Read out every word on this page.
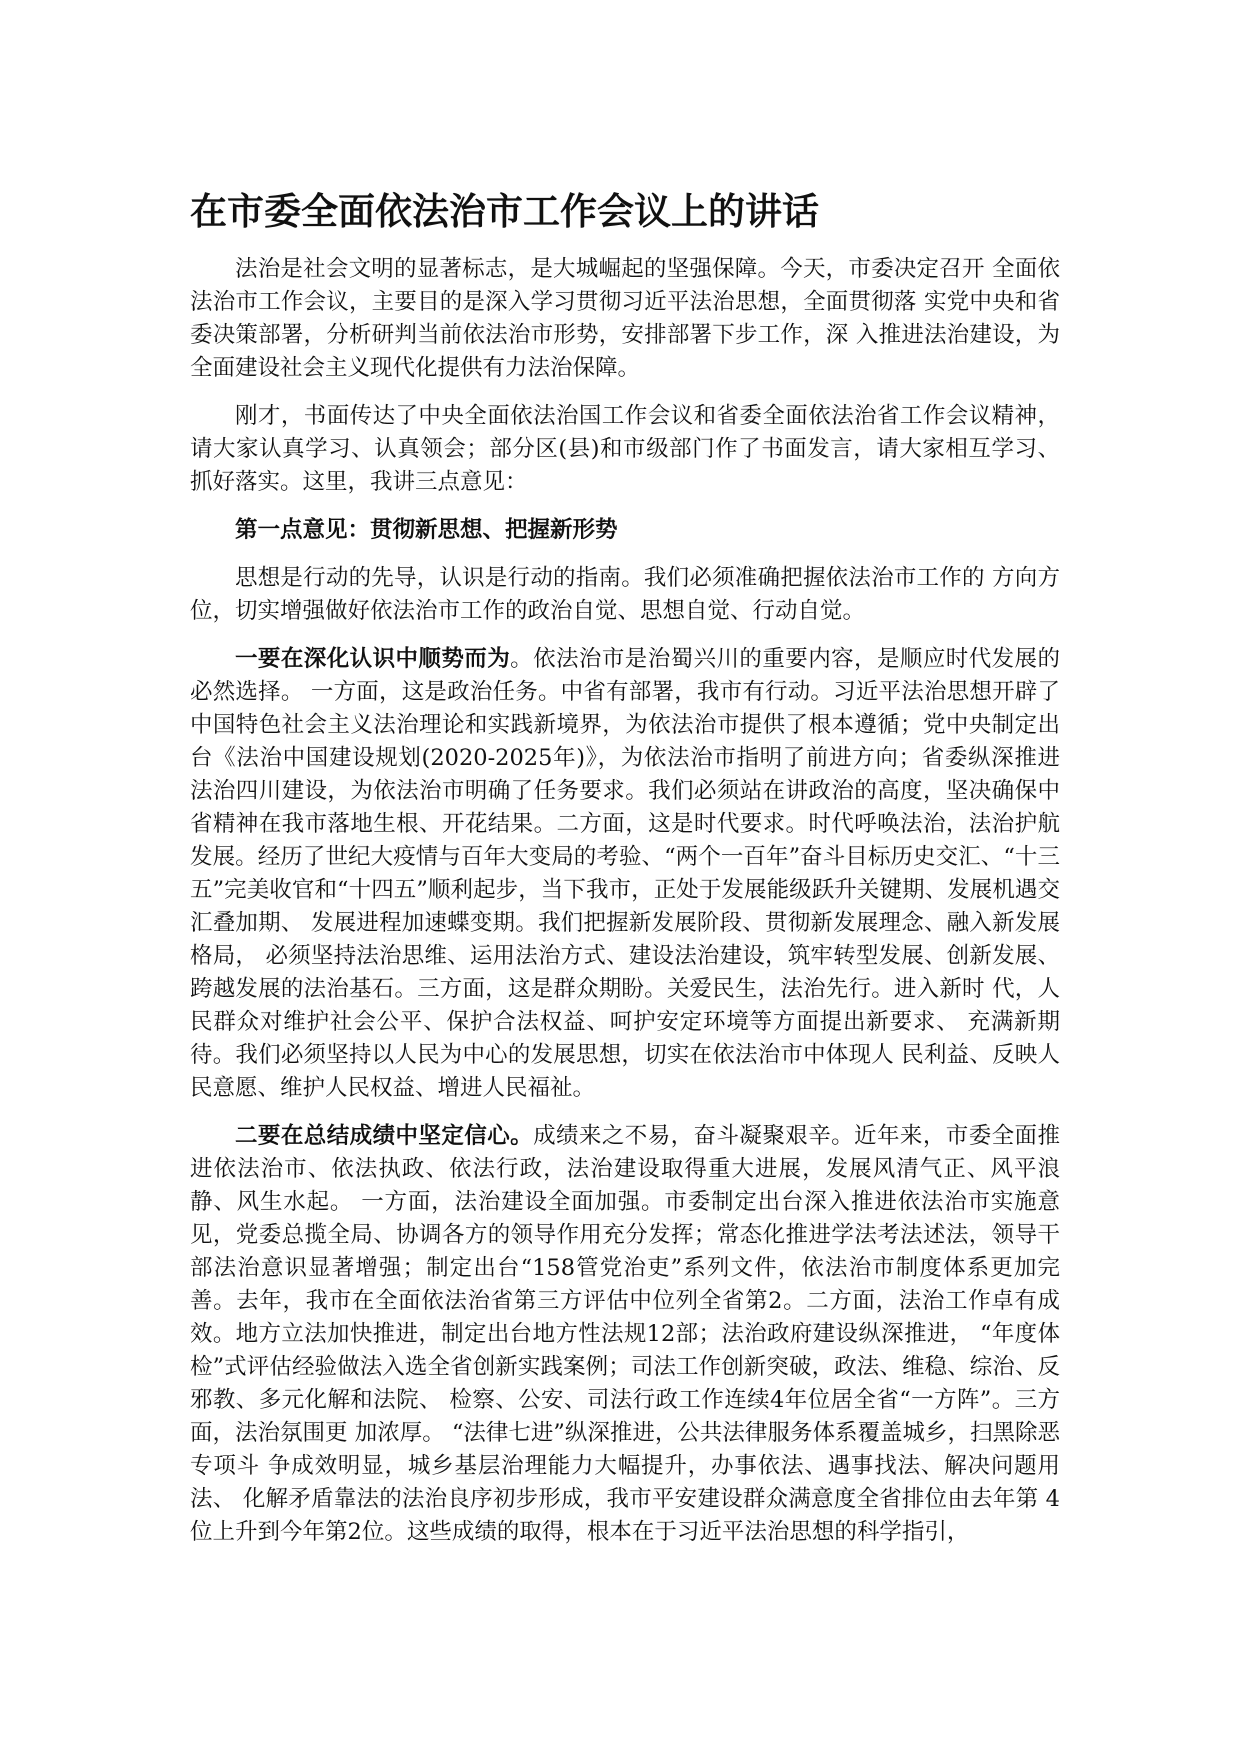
在市委全面依法治市工作会议上的讲话

法治是社会文明的显著标志，是大城崛起的坚强保障。今天，市委决定召开 全面依法治市工作会议，主要目的是深入学习贯彻习近平法治思想，全面贯彻落 实党中央和省委决策部署，分析研判当前依法治市形势，安排部署下步工作，深 入推进法治建设，为全面建设社会主义现代化提供有力法治保障。

刚才，书面传达了中央全面依法治国工作会议和省委全面依法治省工作会议精神，请大家认真学习、认真领会；部分区(县)和市级部门作了书面发言，请大家相互学习、抓好落实。这里，我讲三点意见：

第一点意见：贯彻新思想、把握新形势

思想是行动的先导，认识是行动的指南。我们必须准确把握依法治市工作的 方向方位，切实增强做好依法治市工作的政治自觉、思想自觉、行动自觉。

一要在深化认识中顺势而为。依法治市是治蜀兴川的重要内容，是顺应时代发展的必然选择。 一方面，这是政治任务。中省有部署，我市有行动。习近平法治思想开辟了中国特色社会主义法治理论和实践新境界，为依法治市提供了根本遵循；党中央制定出台《法治中国建设规划(2020-2025年)》，为依法治市指明了前进方向；省委纵深推进法治四川建设，为依法治市明确了任务要求。我们必须站在讲政治的高度，坚决确保中省精神在我市落地生根、开花结果。二方面，这是时代要求。时代呼唤法治，法治护航发展。经历了世纪大疫情与百年大变局的考验、“两个一百年”奋斗目标历史交汇、“十三五”完美收官和“十四五”顺利起步，当下我市，正处于发展能级跃升关键期、发展机遇交汇叠加期、 发展进程加速蝶变期。我们把握新发展阶段、贯彻新发展理念、融入新发展格局， 必须坚持法治思维、运用法治方式、建设法治建设，筑牢转型发展、创新发展、 跨越发展的法治基石。三方面，这是群众期盼。关爱民生，法治先行。进入新时 代，人民群众对维护社会公平、保护合法权益、呵护安定环境等方面提出新要求、 充满新期待。我们必须坚持以人民为中心的发展思想，切实在依法治市中体现人 民利益、反映人民意愿、维护人民权益、增进人民福祉。

二要在总结成绩中坚定信心。成绩来之不易，奋斗凝聚艰辛。近年来，市委全面推进依法治市、依法执政、依法行政，法治建设取得重大进展，发展风清气正、风平浪静、风生水起。 一方面，法治建设全面加强。市委制定出台深入推进依法治市实施意见，党委总揽全局、协调各方的领导作用充分发挥；常态化推进学法考法述法，领导干部法治意识显著增强；制定出台“158管党治吏”系列文件，依法治市制度体系更加完善。去年，我市在全面依法治省第三方评估中位列全省第2。二方面，法治工作卓有成效。地方立法加快推进，制定出台地方性法规12部；法治政府建设纵深推进， “年度体检”式评估经验做法入选全省创新实践案例；司法工作创新突破，政法、维稳、综治、反邪教、多元化解和法院、 检察、公安、司法行政工作连续4年位居全省“一方阵”。三方面，法治氛围更 加浓厚。 “法律七进”纵深推进，公共法律服务体系覆盖城乡，扫黑除恶专项斗 争成效明显，城乡基层治理能力大幅提升，办事依法、遇事找法、解决问题用法、 化解矛盾靠法的法治良序初步形成，我市平安建设群众满意度全省排位由去年第 4位上升到今年第2位。这些成绩的取得，根本在于习近平法治思想的科学指引，
